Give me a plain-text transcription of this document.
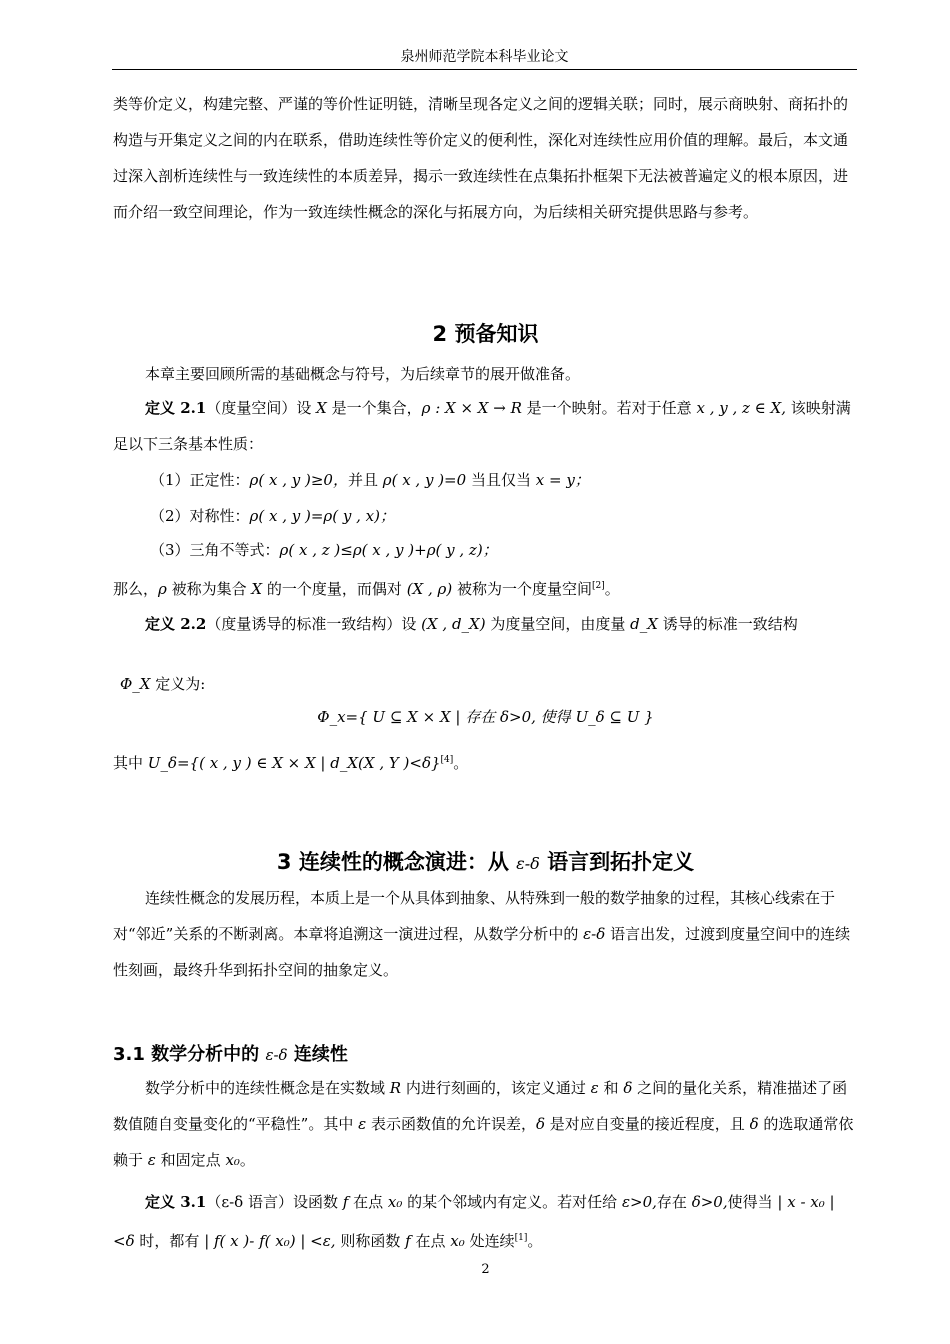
泉州师范学院本科毕业论文
类等价定义，构建完整、严谨的等价性证明链，清晰呈现各定义之间的逻辑关联；同时，展示商映射、商拓扑的构造与开集定义之间的内在联系，借助连续性等价定义的便利性，深化对连续性应用价值的理解。最后，本文通过深入剖析连续性与一致连续性的本质差异，揭示一致连续性在点集拓扑框架下无法被普遍定义的根本原因，进而介绍一致空间理论，作为一致连续性概念的深化与拓展方向，为后续相关研究提供思路与参考。
2 预备知识
本章主要回顾所需的基础概念与符号，为后续章节的展开做准备。
定义 2.1（度量空间）设 X 是一个集合，ρ : X × X → R 是一个映射。若对于任意 x , y , z ∈ X, 该映射满足以下三条基本性质：
（1）正定性：ρ( x , y )≥0，并且 ρ( x , y )=0 当且仅当 x = y；
（2）对称性：ρ( x , y )=ρ( y , x)；
（3）三角不等式：ρ( x , z )≤ρ( x , y )+ρ( y , z)；
那么，ρ 被称为集合 X 的一个度量，而偶对 (X , ρ) 被称为一个度量空间[2]。
定义 2.2（度量诱导的标准一致结构）设 (X , d_X) 为度量空间，由度量 d_X 诱导的标准一致结构
Φ_X 定义为:
Φ_x={ U ⊆ X × X | 存在 δ>0, 使得 U_δ ⊆ U }
其中 U_δ={( x , y ) ∈ X × X | d_X(X , Y )<δ}[4]。
3 连续性的概念演进：从 ε-δ 语言到拓扑定义
连续性概念的发展历程，本质上是一个从具体到抽象、从特殊到一般的数学抽象的过程，其核心线索在于对“邻近”关系的不断剥离。本章将追溯这一演进过程，从数学分析中的 ε-δ 语言出发，过渡到度量空间中的连续性刻画，最终升华到拓扑空间的抽象定义。
3.1 数学分析中的 ε-δ 连续性
数学分析中的连续性概念是在实数域 R 内进行刻画的，该定义通过 ε 和 δ 之间的量化关系，精准描述了函数值随自变量变化的“平稳性”。其中 ε 表示函数值的允许误差，δ 是对应自变量的接近程度，且 δ 的选取通常依赖于 ε 和固定点 x₀。
定义 3.1（ε-δ 语言）设函数 f 在点 x₀ 的某个邻域内有定义。若对任给 ε>0,存在 δ>0,使得当 | x - x₀ | <δ 时，都有 | f( x )- f( x₀) | <ε, 则称函数 f 在点 x₀ 处连续[1]。
2
